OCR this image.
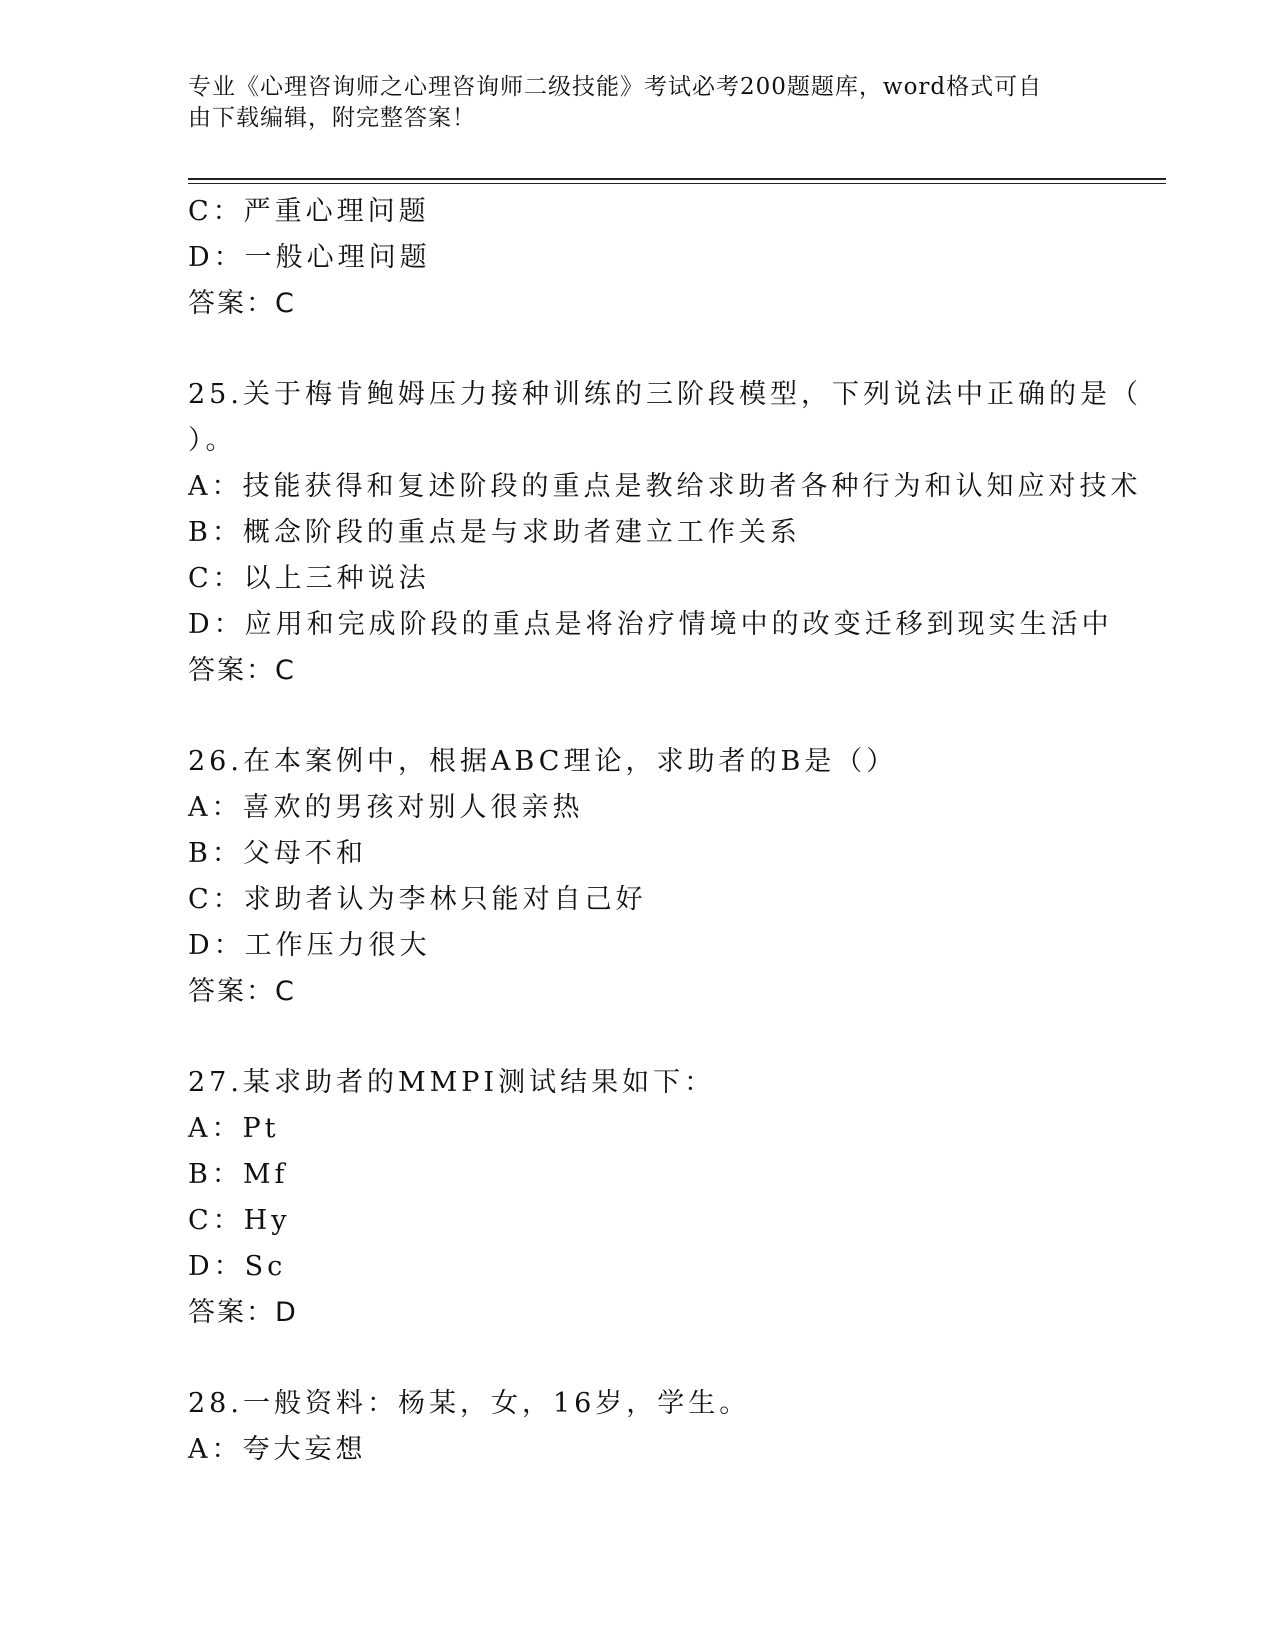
专业《心理咨询师之心理咨询师二级技能》考试必考200题题库，word格式可自
由下载编辑，附完整答案！
C：严重心理问题
D：一般心理问题
答案：C
25.关于梅肯鲍姆压力接种训练的三阶段模型，下列说法中正确的是（
）。
A：技能获得和复述阶段的重点是教给求助者各种行为和认知应对技术
B：概念阶段的重点是与求助者建立工作关系
C：以上三种说法
D：应用和完成阶段的重点是将治疗情境中的改变迁移到现实生活中
答案：C
26.在本案例中，根据ABC理论，求助者的B是（）
A：喜欢的男孩对别人很亲热
B：父母不和
C：求助者认为李林只能对自己好
D：工作压力很大
答案：C
27.某求助者的MMPI测试结果如下：
A：Pt
B：Mf
C：Hy
D：Sc
答案：D
28.一般资料：杨某，女，16岁，学生。
A：夸大妄想
